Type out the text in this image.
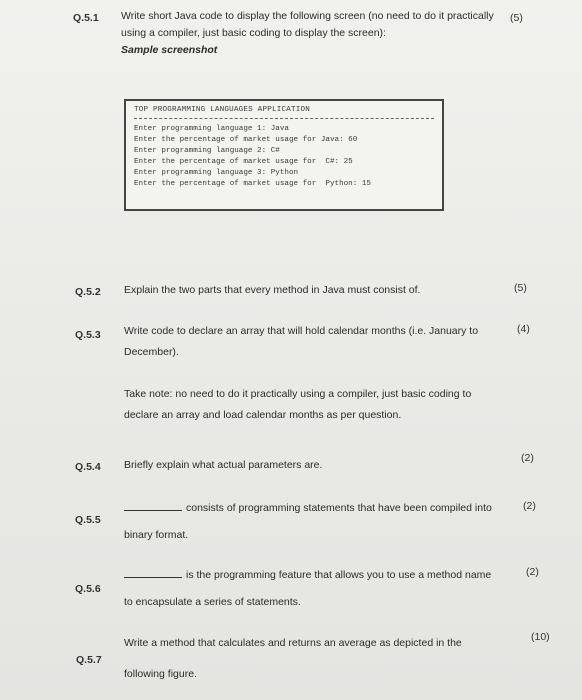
Q.5.1 Write short Java code to display the following screen (no need to do it practically
using a compiler, just basic coding to display the screen):
Sample screenshot
(5)
TOP PROGRAMMING LANGUAGES APPLICATION
Enter programming language 1: Java
Enter the percentage of market usage for Java: 60
Enter programming language 2: C#
Enter the percentage of market usage for  C#: 25
Enter programming language 3: Python
Enter the percentage of market usage for  Python: 15
Q.5.2 Explain the two parts that every method in Java must consist of.	(5)
Q.5.3 Write code to declare an array that will hold calendar months (i.e. January to
December).
(4)
Take note: no need to do it practically using a compiler, just basic coding to
declare an array and load calendar months as per question.
Q.5.4 Briefly explain what actual parameters are.
(2)
Q.5.5
consists of programming statements that have been compiled into
binary format.
(2)
Q.5.6
is the programming feature that allows you to use a method name
to encapsulate a series of statements.
(2)
Q.5.7
Write a method that calculates and returns an average as depicted in the
following figure.
(10)
